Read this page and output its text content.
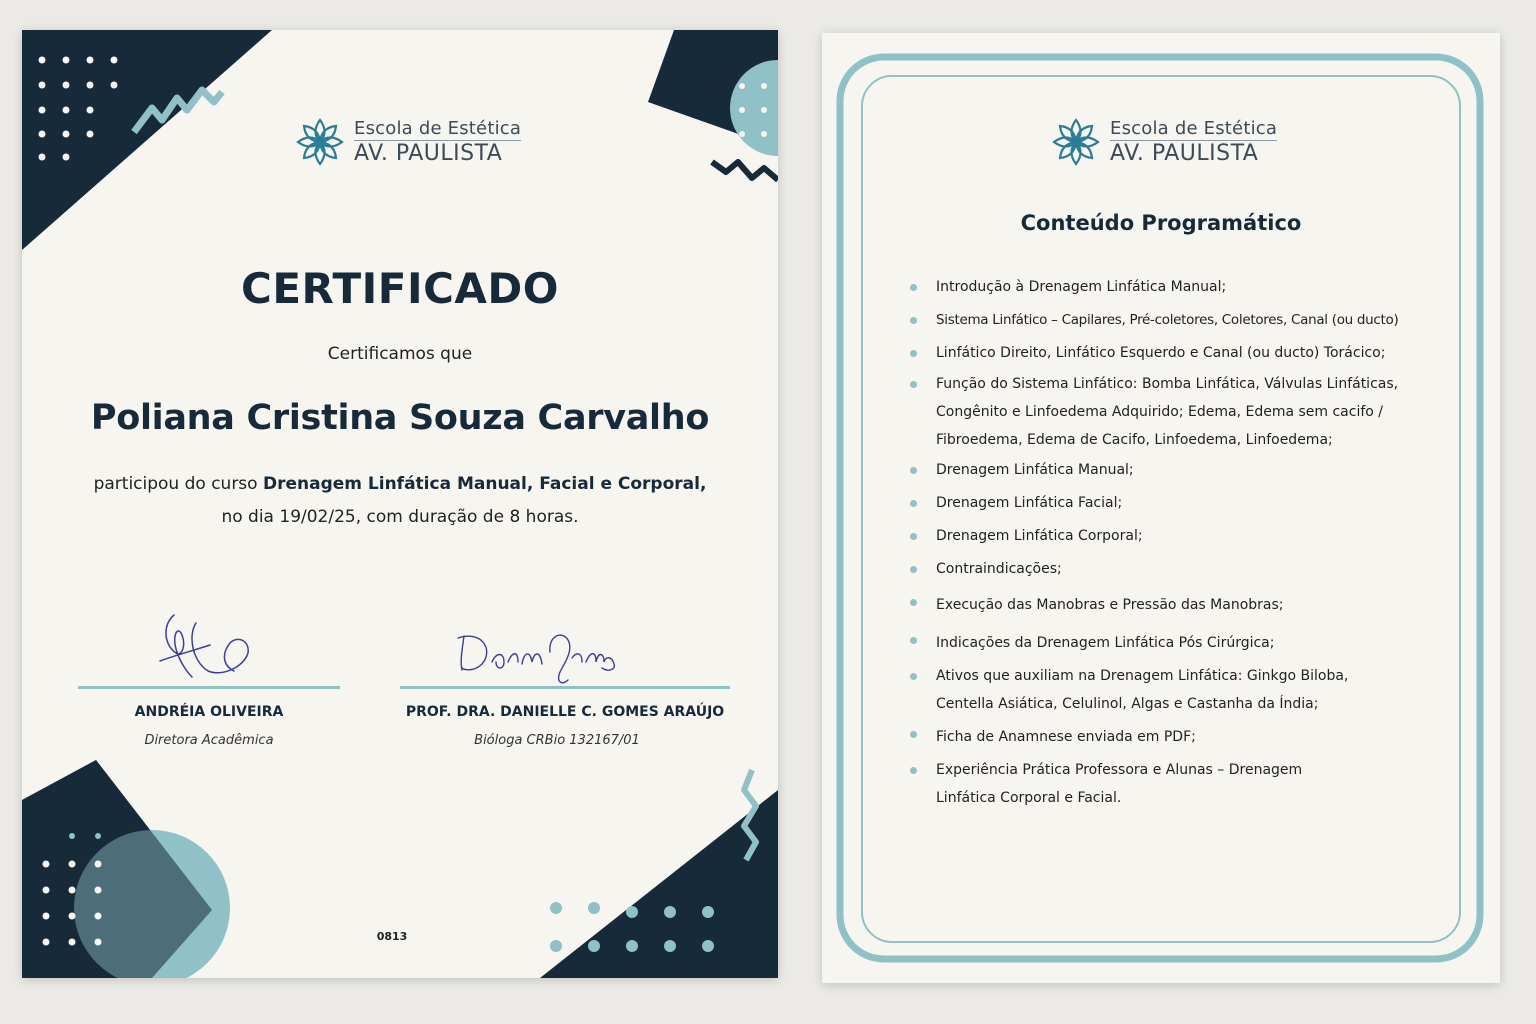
Escola de Estética
AV. PAULISTA
CERTIFICADO
Certificamos que
Poliana Cristina Souza Carvalho
participou do curso Drenagem Linfática Manual, Facial e Corporal,
no dia 19/02/25, com duração de 8 horas.
ANDRÉIA OLIVEIRA
Diretora Acadêmica
PROF. DRA. DANIELLE C. GOMES ARAÚJO
Bióloga CRBio 132167/01
0813
Escola de Estética
AV. PAULISTA
Conteúdo Programático
Introdução à Drenagem Linfática Manual;
Sistema Linfático – Capilares, Pré-coletores, Coletores, Canal (ou ducto)
Linfático Direito, Linfático Esquerdo e Canal (ou ducto) Torácico;
Função do Sistema Linfático: Bomba Linfática, Válvulas Linfáticas, Congênito e Linfoedema Adquirido; Edema, Edema sem cacifo / Fibroedema, Edema de Cacifo, Linfoedema, Linfoedema;
Drenagem Linfática Manual;
Drenagem Linfática Facial;
Drenagem Linfática Corporal;
Contraindicações;
Execução das Manobras e Pressão das Manobras;
Indicações da Drenagem Linfática Pós Cirúrgica;
Ativos que auxiliam na Drenagem Linfática: Ginkgo Biloba, Centella Asiática, Celulinol, Algas e Castanha da Índia;
Ficha de Anamnese enviada em PDF;
Experiência Prática Professora e Alunas – Drenagem Linfática Corporal e Facial.
